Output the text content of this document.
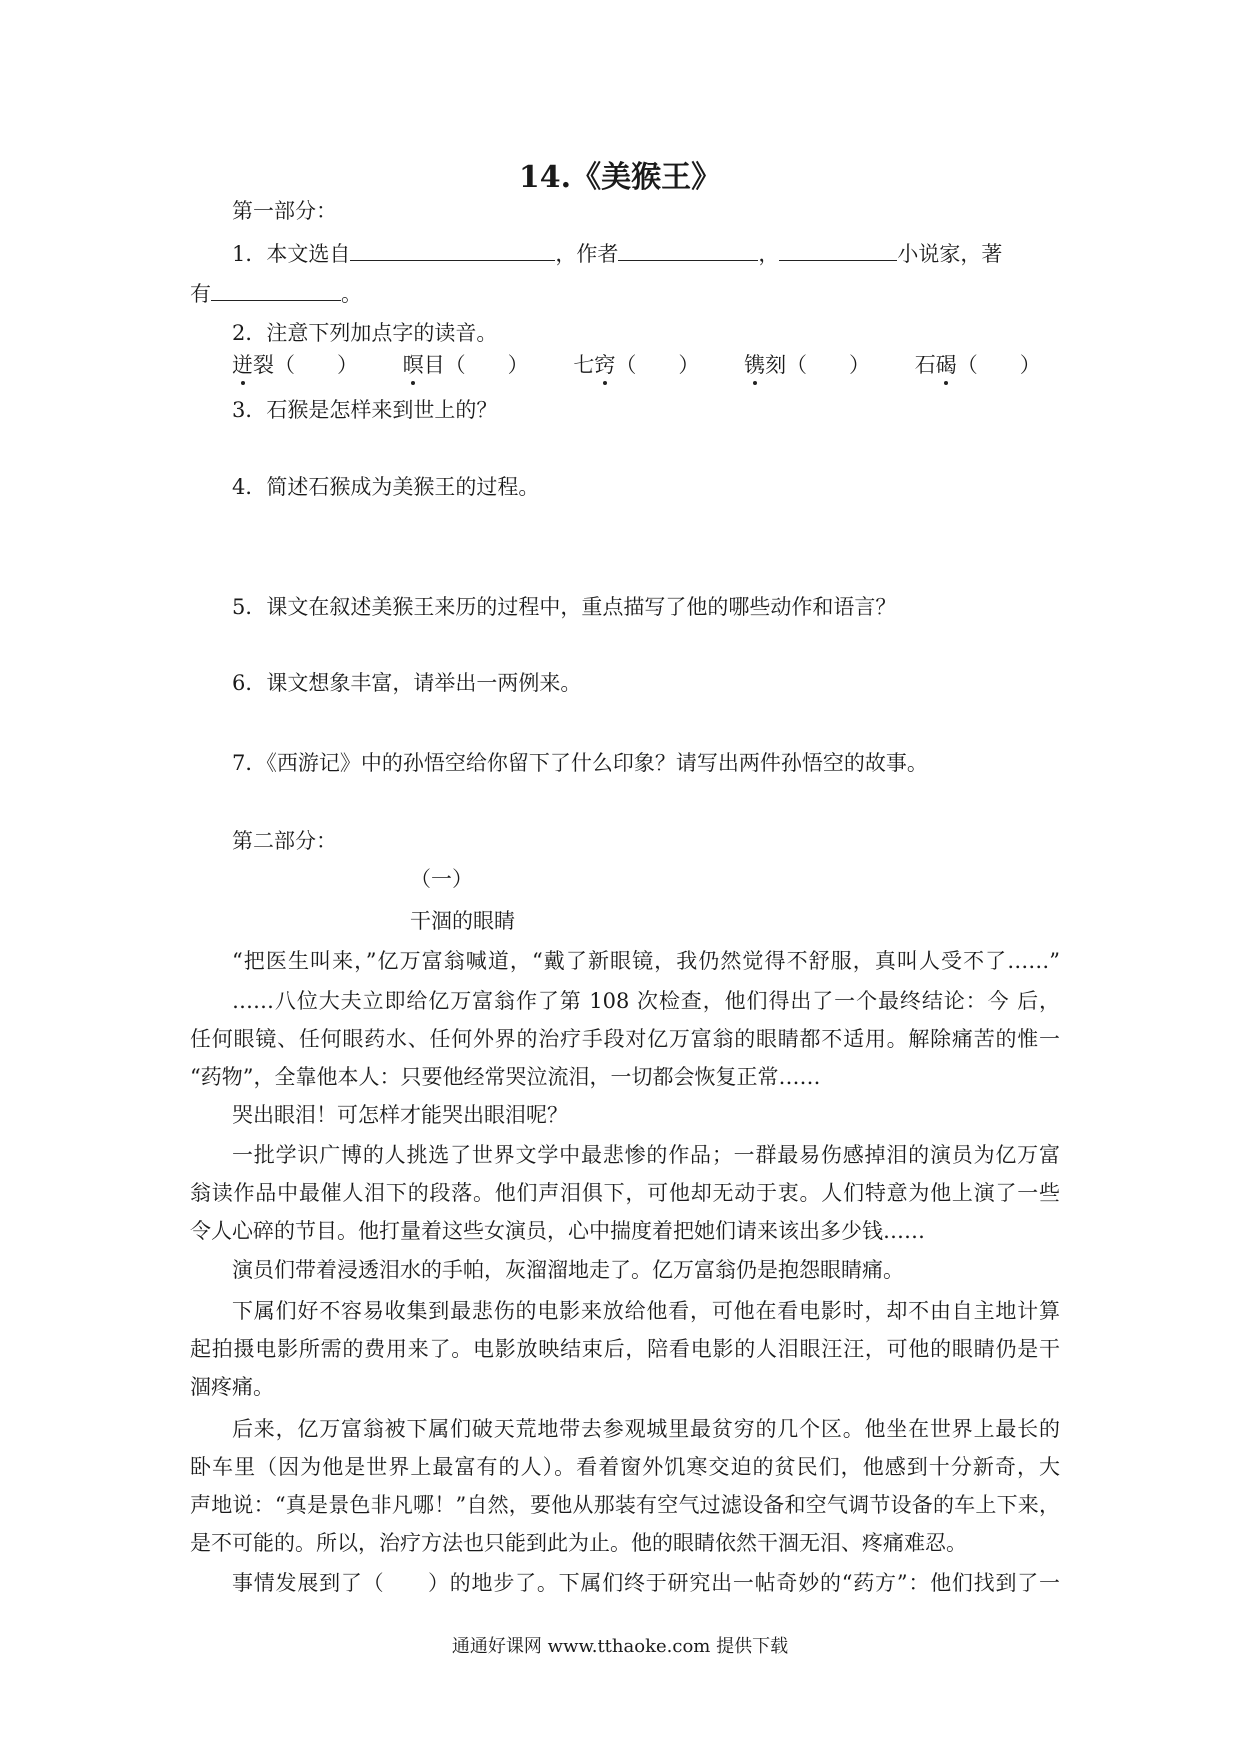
14.《美猴王》
第一部分：
1．本文选自	，作者	，	小说家，著
有	。
2．注意下列加点字的读音。
迸裂（　　） 暝目（　　） 七窍（　　） 镌刻（　　） 石碣（　　）
3．石猴是怎样来到世上的？
4．简述石猴成为美猴王的过程。
5．课文在叙述美猴王来历的过程中，重点描写了他的哪些动作和语言？
6．课文想象丰富，请举出一两例来。
7．《西游记》中的孙悟空给你留下了什么印象？请写出两件孙悟空的故事。
第二部分：
（一）
干涸的眼睛
“把医生叫来，”亿万富翁喊道，“戴了新眼镜，我仍然觉得不舒服，真叫人受不了……”
……八位大夫立即给亿万富翁作了第 108 次检查，他们得出了一个最终结论：今 后，
任何眼镜、任何眼药水、任何外界的治疗手段对亿万富翁的眼睛都不适用。解除痛苦的惟一
“药物”，全靠他本人：只要他经常哭泣流泪，一切都会恢复正常……
哭出眼泪！可怎样才能哭出眼泪呢？
一批学识广博的人挑选了世界文学中最悲惨的作品；一群最易伤感掉泪的演员为亿万富
翁读作品中最催人泪下的段落。他们声泪俱下，可他却无动于衷。人们特意为他上演了一些
令人心碎的节目。他打量着这些女演员，心中揣度着把她们请来该出多少钱……
演员们带着浸透泪水的手帕，灰溜溜地走了。亿万富翁仍是抱怨眼睛痛。
下属们好不容易收集到最悲伤的电影来放给他看，可他在看电影时，却不由自主地计算
起拍摄电影所需的费用来了。电影放映结束后，陪看电影的人泪眼汪汪，可他的眼睛仍是干
涸疼痛。
后来，亿万富翁被下属们破天荒地带去参观城里最贫穷的几个区。他坐在世界上最长的
卧车里（因为他是世界上最富有的人）。看着窗外饥寒交迫的贫民们，他感到十分新奇，大
声地说：“真是景色非凡哪！”自然，要他从那装有空气过滤设备和空气调节设备的车上下来，
是不可能的。所以，治疗方法也只能到此为止。他的眼睛依然干涸无泪、疼痛难忍。
事情发展到了（　　）的地步了。下属们终于研究出一帖奇妙的“药方”：他们找到了一
通通好课网 www.tthaoke.com 提供下载
